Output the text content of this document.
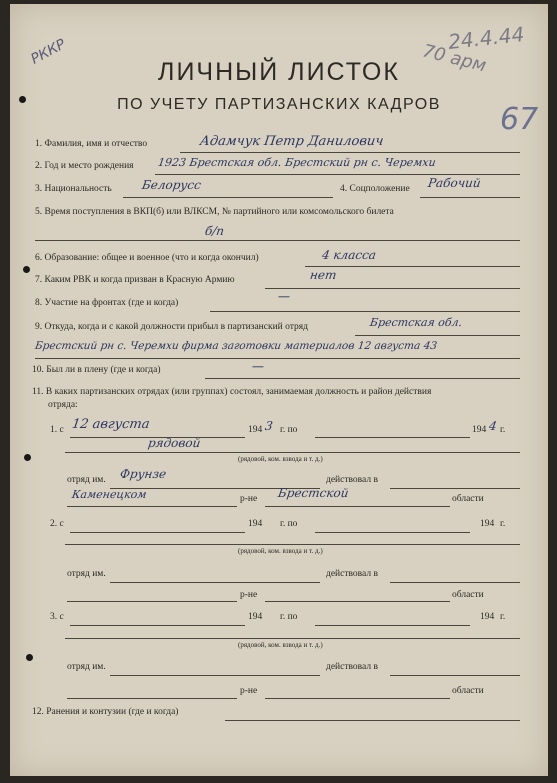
РККР	24.4.44
70 арм
67
ЛИЧНЫЙ ЛИСТОК
ПО УЧЕТУ ПАРТИЗАНСКИХ КАДРОВ
1. Фамилия, имя и отчество	Адамчук Петр Данилович
2. Год и место рождения 1923 Брестская обл. Брестский рн с. Черемхи
3. Национальность Белорусс	4. Соцположение Рабочий
5. Время поступления в ВКП(б) или ВЛКСМ, № партийного или комсомольского билета
б/п
6. Образование: общее и военное (что и когда окончил)	4 класса
7. Каким РВК и когда призван в Красную Армию	нет
8. Участие на фронтах (где и когда)	—
9. Откуда, когда и с какой должности прибыл в партизанский отряд	Брестская обл.
Брестский рн с. Черемхи фирма заготовки материалов 12 августа 43
10. Был ли в плену (где и когда)	—
11. В каких партизанских отрядах (или группах) состоял, занимаемая должность и район действия
отряда:
1. с 12 августа	194 3 г. по	194 4 г.
рядовой
(рядовой, ком. взвода и т. д.)
отряд им. Фрунзе	действовал в
Каменецком	р-не Брестской	области
2. с	194 г. по	194 г.
(рядовой, ком. взвода и т. д.)
отряд им.	действовал в
р-не	области
3. с	194 г. по	194 г.
(рядовой, ком. взвода и т. д.)
отряд им.	действовал в
р-не	области
12. Ранения и контузии (где и когда)
